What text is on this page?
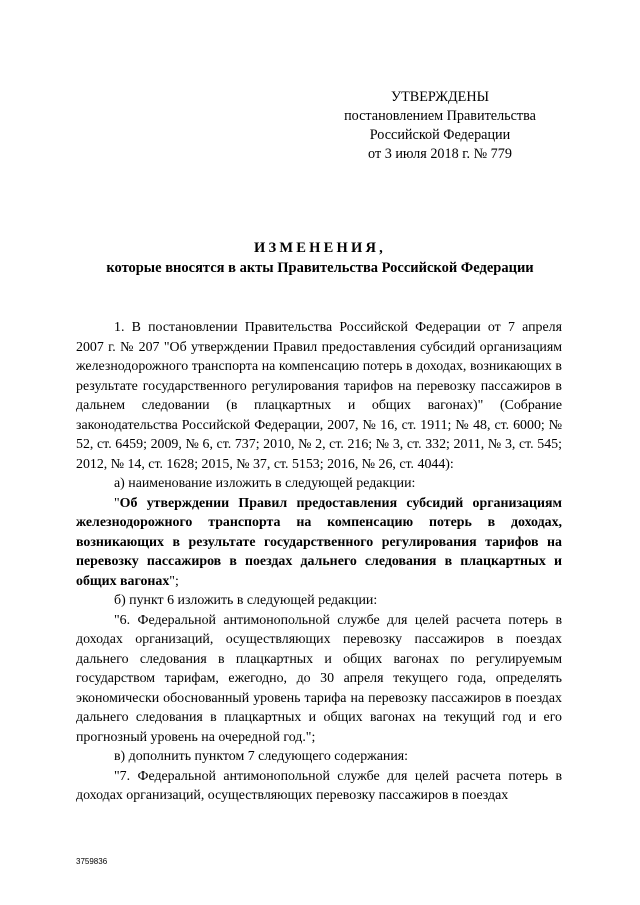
УТВЕРЖДЕНЫ
постановлением Правительства
Российской Федерации
от 3 июля 2018 г. № 779
ИЗМЕНЕНИЯ,
которые вносятся в акты Правительства Российской Федерации

1. В постановлении Правительства Российской Федерации от 7 апреля 2007 г. № 207 "Об утверждении Правил предоставления субсидий организациям железнодорожного транспорта на компенсацию потерь в доходах, возникающих в результате государственного регулирования тарифов на перевозку пассажиров в дальнем следовании (в плацкартных и общих вагонах)" (Собрание законодательства Российской Федерации, 2007, № 16, ст. 1911; № 48, ст. 6000; № 52, ст. 6459; 2009, № 6, ст. 737; 2010, № 2, ст. 216; № 3, ст. 332; 2011, № 3, ст. 545; 2012, № 14, ст. 1628; 2015, № 37, ст. 5153; 2016, № 26, ст. 4044):

а) наименование изложить в следующей редакции:

"Об утверждении Правил предоставления субсидий организациям железнодорожного транспорта на компенсацию потерь в доходах, возникающих в результате государственного регулирования тарифов на перевозку пассажиров в поездах дальнего следования в плацкартных и общих вагонах";

б) пункт 6 изложить в следующей редакции:

"6. Федеральной антимонопольной службе для целей расчета потерь в доходах организаций, осуществляющих перевозку пассажиров в поездах дальнего следования в плацкартных и общих вагонах по регулируемым государством тарифам, ежегодно, до 30 апреля текущего года, определять экономически обоснованный уровень тарифа на перевозку пассажиров в поездах дальнего следования в плацкартных и общих вагонах на текущий год и его прогнозный уровень на очередной год.";

в) дополнить пунктом 7 следующего содержания:

"7. Федеральной антимонопольной службе для целей расчета потерь в доходах организаций, осуществляющих перевозку пассажиров в поездах

3759836
